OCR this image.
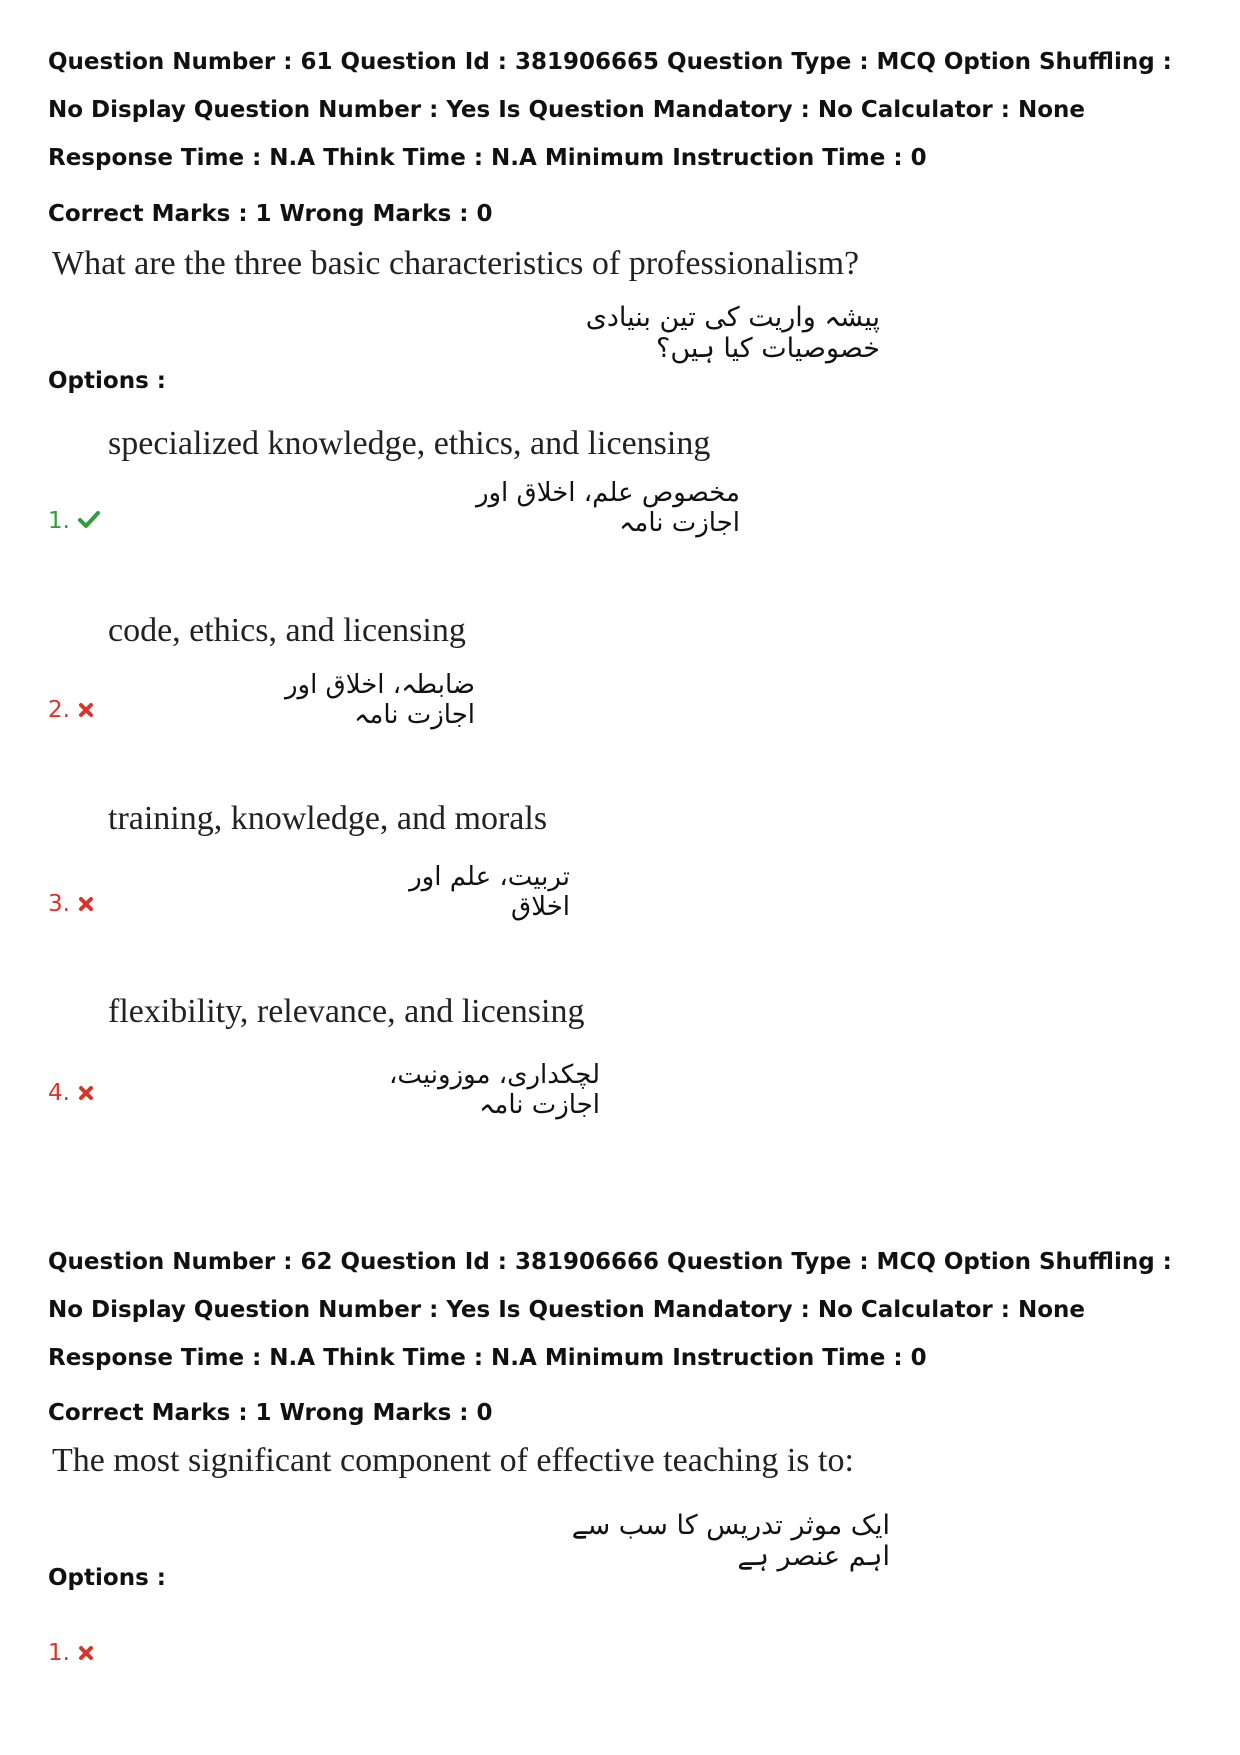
Question Number : 61 Question Id : 381906665 Question Type : MCQ Option Shuffling : No Display Question Number : Yes Is Question Mandatory : No Calculator : None Response Time : N.A Think Time : N.A Minimum Instruction Time : 0

Correct Marks : 1 Wrong Marks : 0
What are the three basic characteristics of professionalism?
پیشہ واریت کی تین بنیادی خصوصیات کیا ہیں؟
Options :
specialized knowledge, ethics, and licensing
مخصوص علم، اخلاق اور اجازت نامہ
1.
code, ethics, and licensing
ضابطہ، اخلاق اور اجازت نامہ
2.
training, knowledge, and morals
تربیت، علم اور اخلاق
3.
flexibility, relevance, and licensing
لچکداری، موزونیت، اجازت نامہ
4.

Question Number : 62 Question Id : 381906666 Question Type : MCQ Option Shuffling : No Display Question Number : Yes Is Question Mandatory : No Calculator : None Response Time : N.A Think Time : N.A Minimum Instruction Time : 0

Correct Marks : 1 Wrong Marks : 0
The most significant component of effective teaching is to:
ایک موثر تدریس کا سب سے اہم عنصر ہے
Options :
1.
